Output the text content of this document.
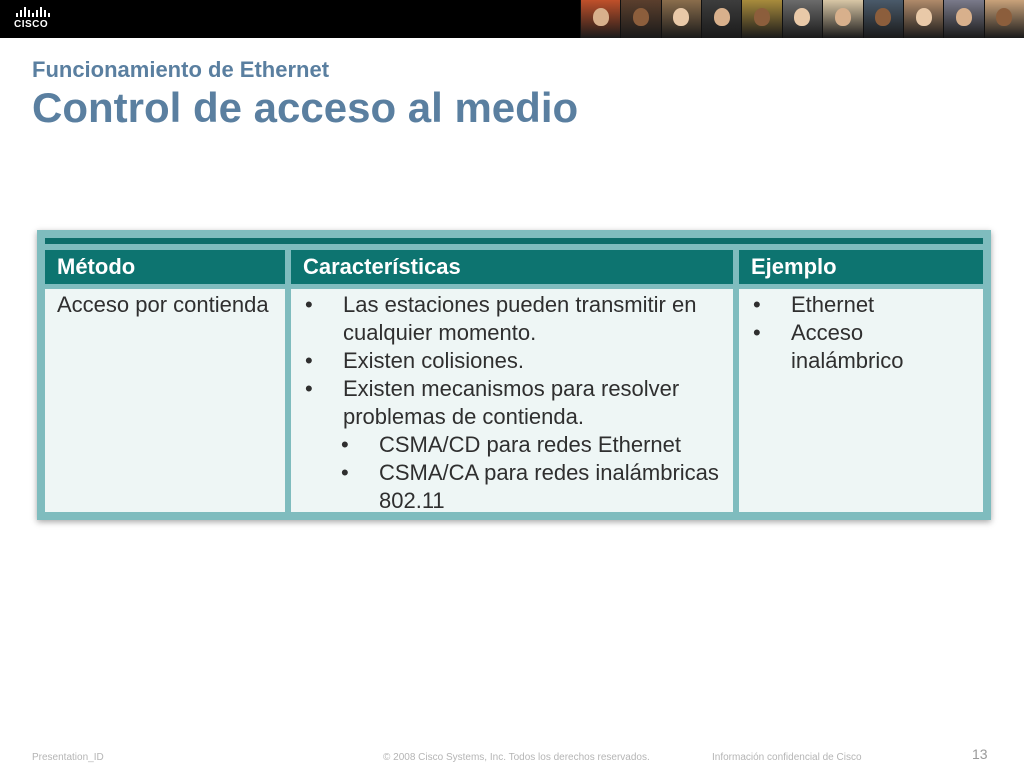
CISCO
Funcionamiento de Ethernet
Control de acceso al medio
Método	Características	Ejemplo
Acceso por contienda
•	Las estaciones pueden transmitir en cualquier momento.
• Existen colisiones.
• Existen mecanismos para resolver problemas de contienda.
• CSMA/CD para redes Ethernet
• CSMA/CA para redes inalámbricas 802.11
• Ethernet
• Acceso inalámbrico
Presentation_ID	© 2008 Cisco Systems, Inc. Todos los derechos reservados.	Información confidencial de Cisco	13
